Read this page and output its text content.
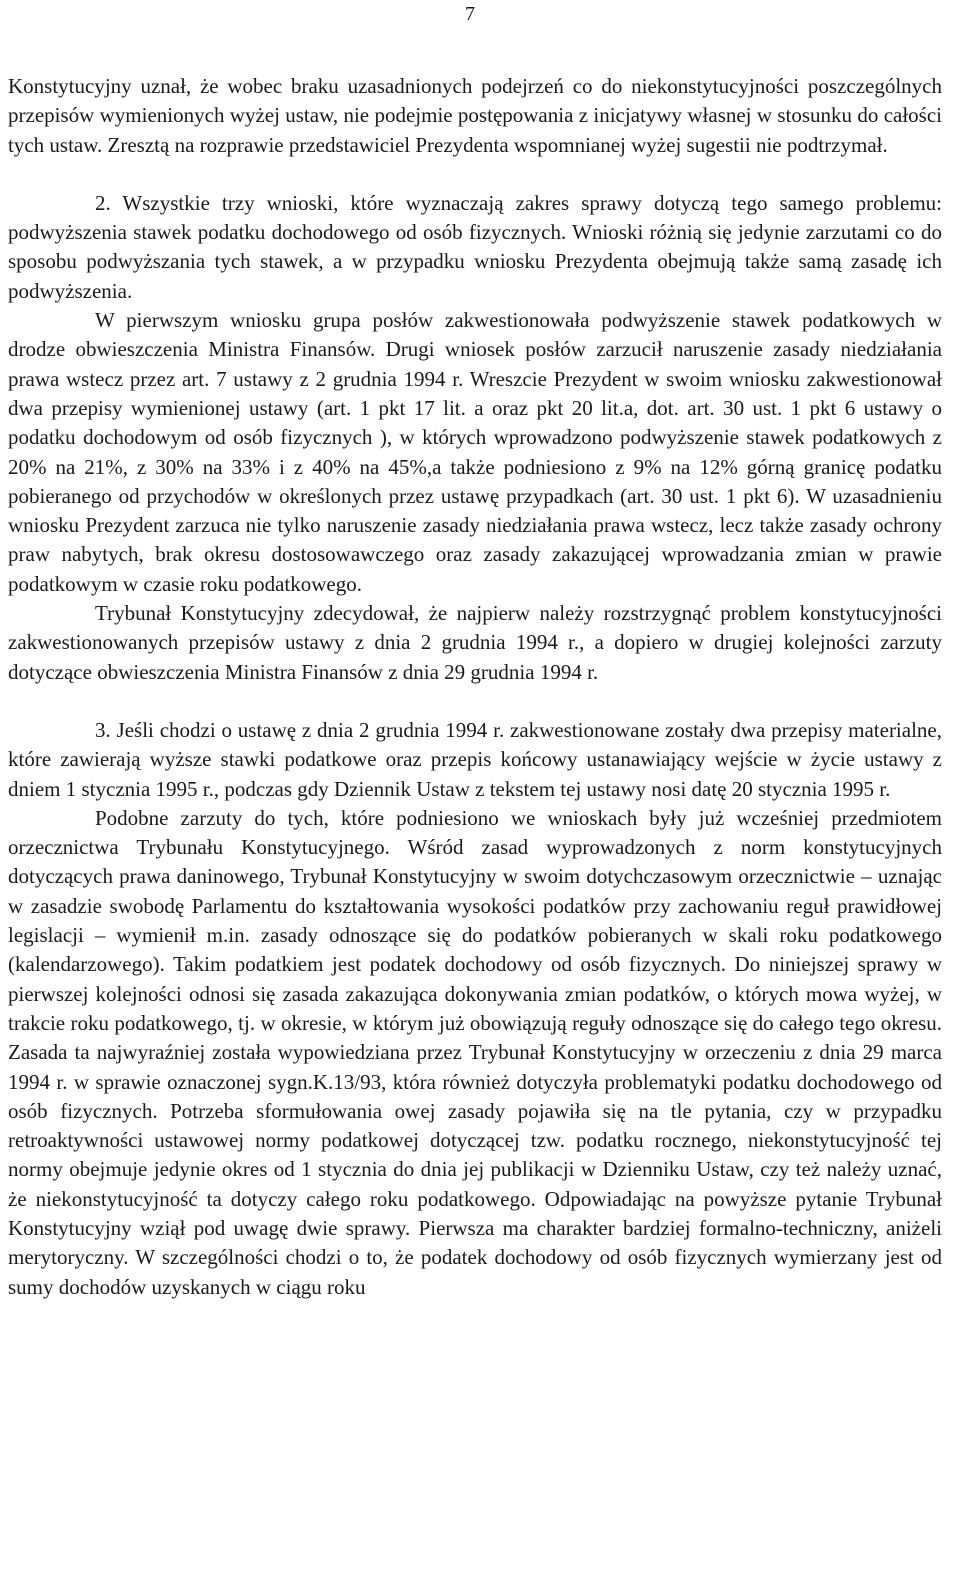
7

Konstytucyjny uznał, że wobec braku uzasadnionych podejrzeń co do niekonstytucyjności poszczególnych przepisów wymienionych wyżej ustaw, nie podejmie postępowania z inicjatywy własnej w stosunku do całości tych ustaw. Zresztą na rozprawie przedstawiciel Prezydenta wspomnianej wyżej sugestii nie podtrzymał.

2. Wszystkie trzy wnioski, które wyznaczają zakres sprawy dotyczą tego samego problemu: podwyższenia stawek podatku dochodowego od osób fizycznych. Wnioski różnią się jedynie zarzutami co do sposobu podwyższania tych stawek, a w przypadku wniosku Prezydenta obejmują także samą zasadę ich podwyższenia.

W pierwszym wniosku grupa posłów zakwestionowała podwyższenie stawek podatkowych w drodze obwieszczenia Ministra Finansów. Drugi wniosek posłów zarzucił naruszenie zasady niedziałania prawa wstecz przez art. 7 ustawy z 2 grudnia 1994 r. Wreszcie Prezydent w swoim wniosku zakwestionował dwa przepisy wymienionej ustawy (art. 1 pkt 17 lit. a oraz pkt 20 lit.a, dot. art. 30 ust. 1 pkt 6 ustawy o podatku dochodowym od osób fizycznych ), w których wprowadzono podwyższenie stawek podatkowych z 20% na 21%, z 30% na 33% i z 40% na 45%,a także podniesiono z 9% na 12% górną granicę podatku pobieranego od przychodów w określonych przez ustawę przypadkach (art. 30 ust. 1 pkt 6). W uzasadnieniu wniosku Prezydent zarzuca nie tylko naruszenie zasady niedziałania prawa wstecz, lecz także zasady ochrony praw nabytych, brak okresu dostosowawczego oraz zasady zakazującej wprowadzania zmian w prawie podatkowym w czasie roku podatkowego.

Trybunał Konstytucyjny zdecydował, że najpierw należy rozstrzygnąć problem konstytucyjności zakwestionowanych przepisów ustawy z dnia 2 grudnia 1994 r., a dopiero w drugiej kolejności zarzuty dotyczące obwieszczenia Ministra Finansów z dnia 29 grudnia 1994 r.

3. Jeśli chodzi o ustawę z dnia 2 grudnia 1994 r. zakwestionowane zostały dwa przepisy materialne, które zawierają wyższe stawki podatkowe oraz przepis końcowy ustanawiający wejście w życie ustawy z dniem 1 stycznia 1995 r., podczas gdy Dziennik Ustaw z tekstem tej ustawy nosi datę 20 stycznia 1995 r.

Podobne zarzuty do tych, które podniesiono we wnioskach były już wcześniej przedmiotem orzecznictwa Trybunału Konstytucyjnego. Wśród zasad wyprowadzonych z norm konstytucyjnych dotyczących prawa daninowego, Trybunał Konstytucyjny w swoim dotychczasowym orzecznictwie – uznając w zasadzie swobodę Parlamentu do kształtowania wysokości podatków przy zachowaniu reguł prawidłowej legislacji – wymienił m.in. zasady odnoszące się do podatków pobieranych w skali roku podatkowego (kalendarzowego). Takim podatkiem jest podatek dochodowy od osób fizycznych. Do niniejszej sprawy w pierwszej kolejności odnosi się zasada zakazująca dokonywania zmian podatków, o których mowa wyżej, w trakcie roku podatkowego, tj. w okresie, w którym już obowiązują reguły odnoszące się do całego tego okresu. Zasada ta najwyraźniej została wypowiedziana przez Trybunał Konstytucyjny w orzeczeniu z dnia 29 marca 1994 r. w sprawie oznaczonej sygn.K.13/93, która również dotyczyła problematyki podatku dochodowego od osób fizycznych. Potrzeba sformułowania owej zasady pojawiła się na tle pytania, czy w przypadku retroaktywności ustawowej normy podatkowej dotyczącej tzw. podatku rocznego, niekonstytucyjność tej normy obejmuje jedynie okres od 1 stycznia do dnia jej publikacji w Dzienniku Ustaw, czy też należy uznać, że niekonstytucyjność ta dotyczy całego roku podatkowego. Odpowiadając na powyższe pytanie Trybunał Konstytucyjny wziął pod uwagę dwie sprawy. Pierwsza ma charakter bardziej formalno-techniczny, aniżeli merytoryczny. W szczególności chodzi o to, że podatek dochodowy od osób fizycznych wymierzany jest od sumy dochodów uzyskanych w ciągu roku
